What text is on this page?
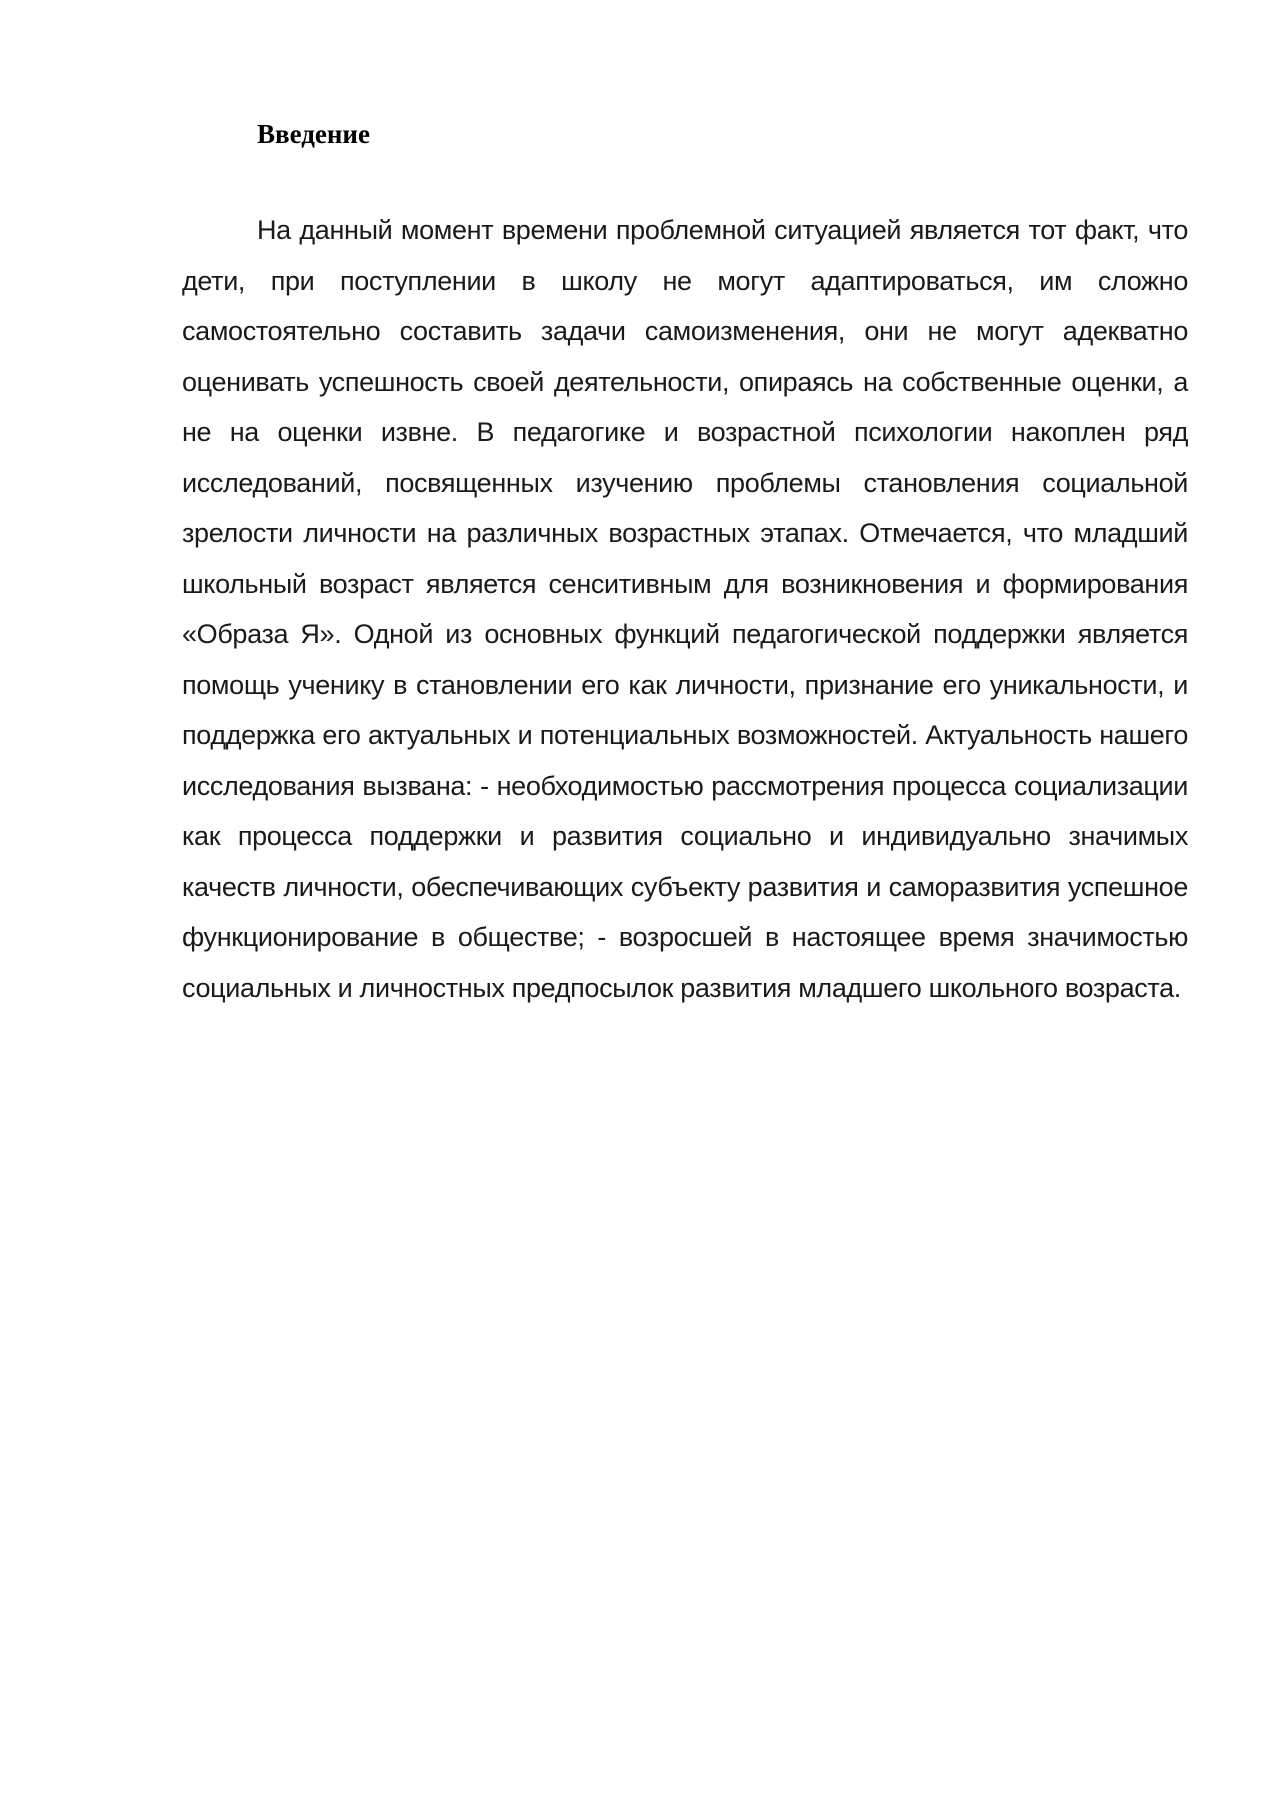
Введение

На данный момент времени проблемной ситуацией является тот факт, что дети, при поступлении в школу не могут адаптироваться, им сложно самостоятельно составить задачи самоизменения, они не могут адекватно оценивать успешность своей деятельности, опираясь на собственные оценки, а не на оценки извне. В педагогике и возрастной психологии накоплен ряд исследований, посвященных изучению проблемы становления социальной зрелости личности на различных возрастных этапах. Отмечается, что младший школьный возраст является сенситивным для возникновения и формирования «Образа Я». Одной из основных функций педагогической поддержки является помощь ученику в становлении его как личности, признание его уникальности, и поддержка его актуальных и потенциальных возможностей. Актуальность нашего исследования вызвана: - необходимостью рассмотрения процесса социализации как процесса поддержки и развития социально и индивидуально значимых качеств личности, обеспечивающих субъекту развития и саморазвития успешное функционирование в обществе; - возросшей в настоящее время значимостью социальных и личностных предпосылок развития младшего школьного возраста.
